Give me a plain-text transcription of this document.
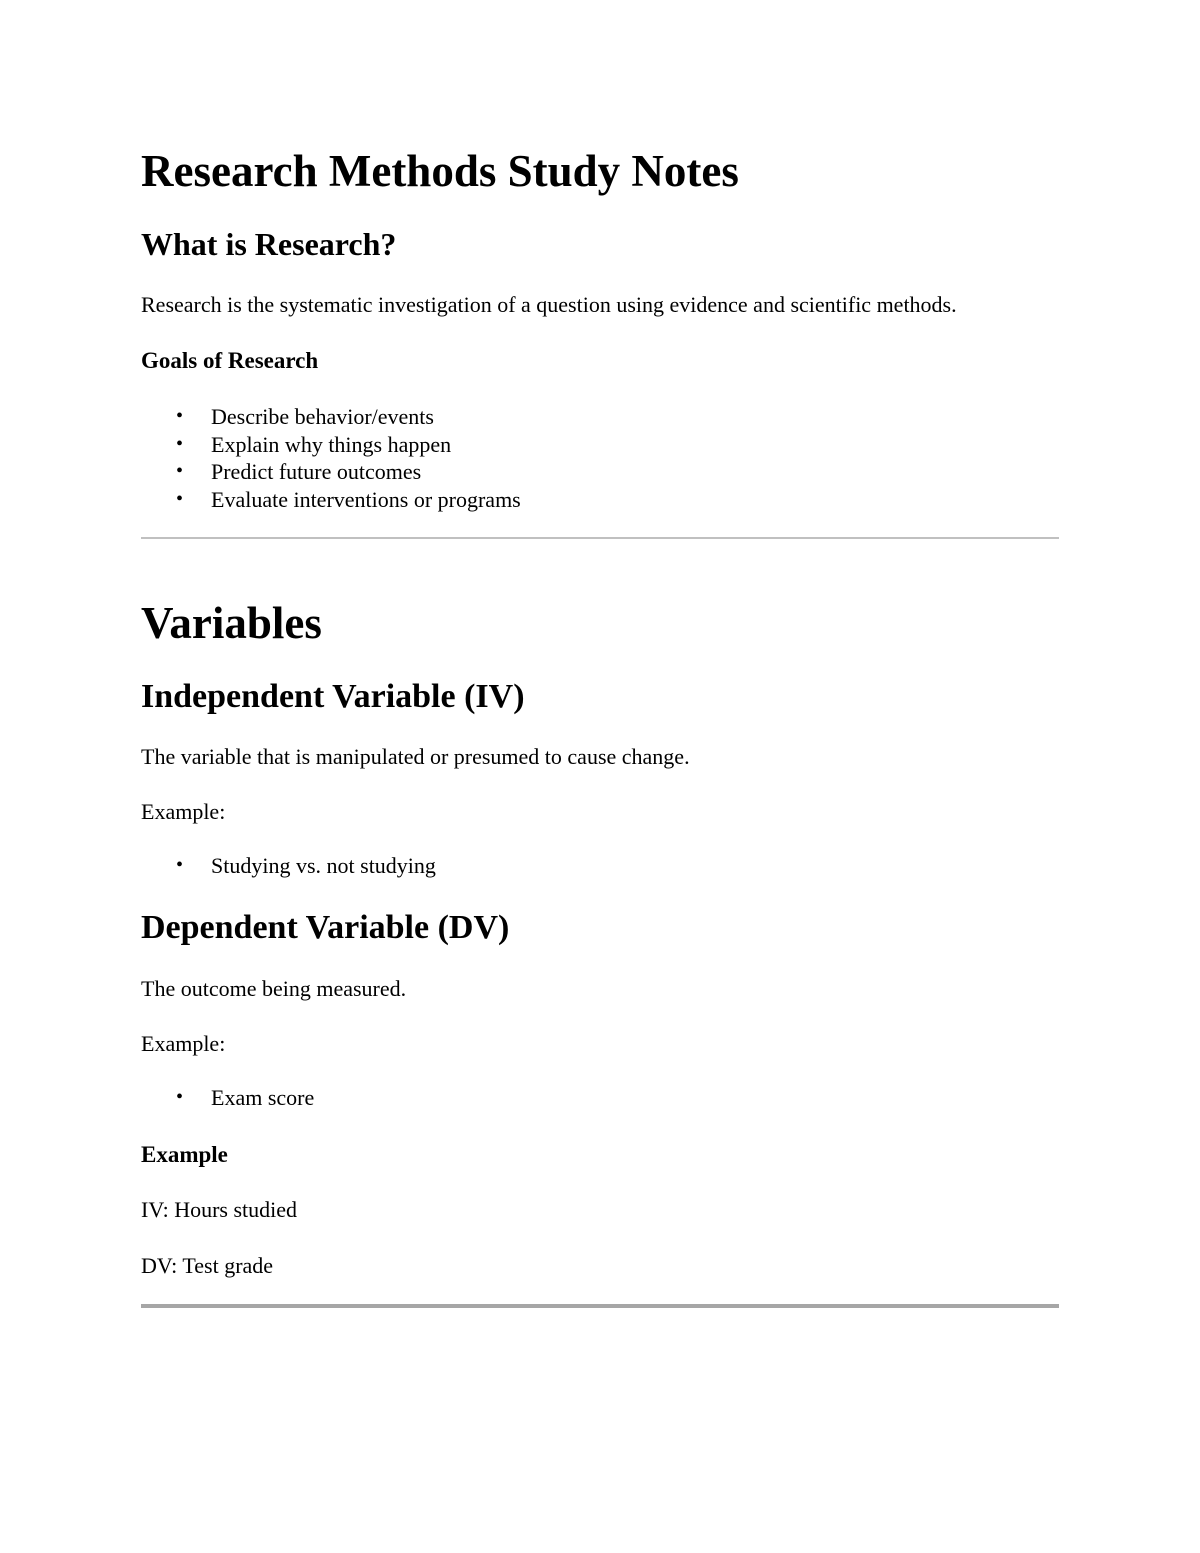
Research Methods Study Notes
What is Research?

Research is the systematic investigation of a question using evidence and scientific methods.

Goals of Research
• Describe behavior/events
• Explain why things happen
• Predict future outcomes
• Evaluate interventions or programs
Variables
Independent Variable (IV)

The variable that is manipulated or presumed to cause change.

Example:

• Studying vs. not studying
Dependent Variable (DV)

The outcome being measured.

Example:

• Exam score
Example

IV: Hours studied

DV: Test grade
